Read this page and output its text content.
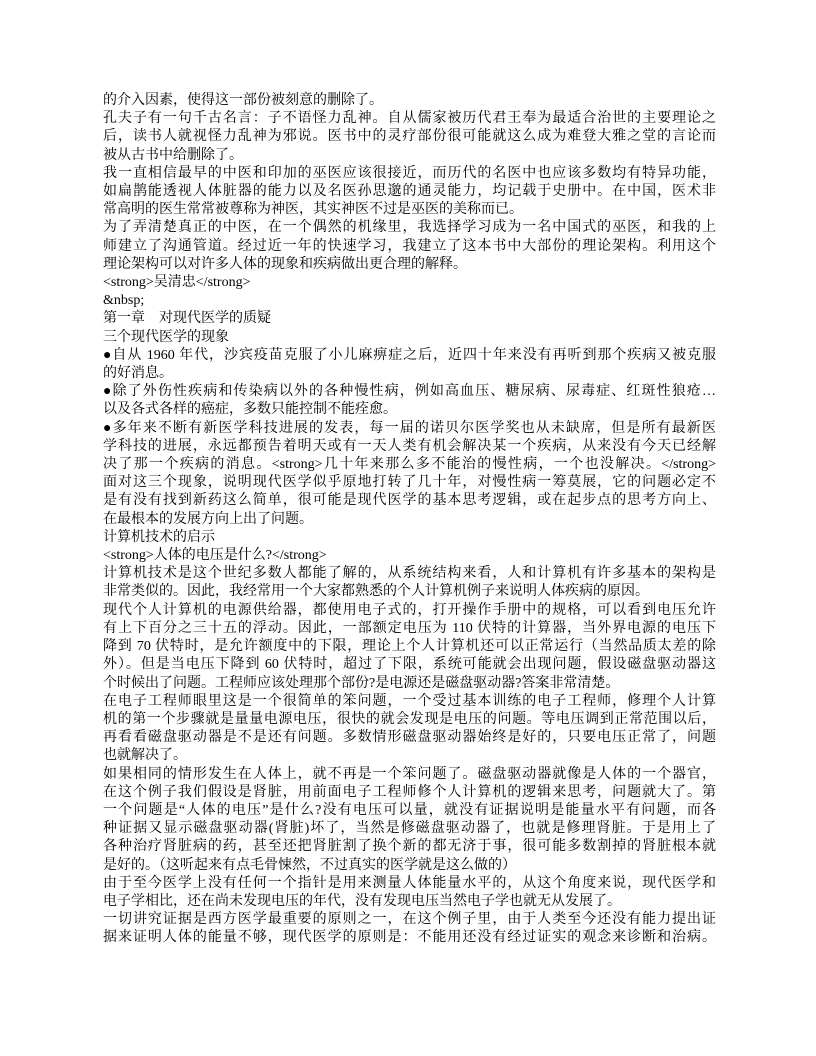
的介入因素，使得这一部份被刻意的删除了。
孔夫子有一句千古名言：子不语怪力乱神。自从儒家被历代君王奉为最适合治世的主要理论之
后，读书人就视怪力乱神为邪说。医书中的灵疗部份很可能就这么成为难登大雅之堂的言论而
被从古书中给删除了。
我一直相信最早的中医和印加的巫医应该很接近，而历代的名医中也应该多数均有特异功能，
如扁鹊能透视人体脏器的能力以及名医孙思邈的通灵能力，均记载于史册中。在中国，医术非
常高明的医生常常被尊称为神医，其实神医不过是巫医的美称而已。
为了弄清楚真正的中医，在一个偶然的机缘里，我选择学习成为一名中国式的巫医，和我的上
师建立了沟通管道。经过近一年的快速学习，我建立了这本书中大部份的理论架构。利用这个
理论架构可以对许多人体的现象和疾病做出更合理的解释。
<strong>吴清忠</strong>
&nbsp;
第一章　对现代医学的质疑
三个现代医学的现象
●自从 1960 年代，沙宾疫苗克服了小儿麻痹症之后，近四十年来没有再听到那个疾病又被克服
的好消息。
●除了外伤性疾病和传染病以外的各种慢性病，例如高血压、糖尿病、尿毒症、红斑性狼疮…
以及各式各样的癌症，多数只能控制不能痊愈。
●多年来不断有新医学科技进展的发表，每一届的诺贝尔医学奖也从未缺席，但是所有最新医
学科技的进展，永远都预告着明天或有一天人类有机会解决某一个疾病，从来没有今天已经解
决了那一个疾病的消息。<strong>几十年来那么多不能治的慢性病，一个也没解决。</strong>
面对这三个现象，说明现代医学似乎原地打转了几十年，对慢性病一筹莫展，它的问题必定不
是有没有找到新药这么简单，很可能是现代医学的基本思考逻辑，或在起步点的思考方向上、
在最根本的发展方向上出了问题。
计算机技术的启示
<strong>人体的电压是什么?</strong>
计算机技术是这个世纪多数人都能了解的，从系统结构来看，人和计算机有许多基本的架构是
非常类似的。因此，我经常用一个大家都熟悉的个人计算机例子来说明人体疾病的原因。
现代个人计算机的电源供给器，都使用电子式的，打开操作手册中的规格，可以看到电压允许
有上下百分之三十五的浮动。因此，一部额定电压为 110 伏特的计算器，当外界电源的电压下
降到 70 伏特时，是允许额度中的下限，理论上个人计算机还可以正常运行（当然品质太差的除
外）。但是当电压下降到 60 伏特时，超过了下限，系统可能就会出现问题，假设磁盘驱动器这
个时候出了问题。工程师应该处理那个部份?是电源还是磁盘驱动器?答案非常清楚。
在电子工程师眼里这是一个很简单的笨问题，一个受过基本训练的电子工程师，修理个人计算
机的第一个步骤就是量量电源电压，很快的就会发现是电压的问题。等电压调到正常范围以后，
再看看磁盘驱动器是不是还有问题。多数情形磁盘驱动器始终是好的，只要电压正常了，问题
也就解决了。
如果相同的情形发生在人体上，就不再是一个笨问题了。磁盘驱动器就像是人体的一个器官，
在这个例子我们假设是肾脏，用前面电子工程师修个人计算机的逻辑来思考，问题就大了。第
一个问题是“人体的电压”是什么?没有电压可以量，就没有证据说明是能量水平有问题，而各
种证据又显示磁盘驱动器(肾脏)坏了，当然是修磁盘驱动器了，也就是修理肾脏。于是用上了
各种治疗肾脏病的药，甚至还把肾脏割了换个新的都无济于事，很可能多数割掉的肾脏根本就
是好的。（这听起来有点毛骨悚然，不过真实的医学就是这么做的）
由于至今医学上没有任何一个指针是用来测量人体能量水平的，从这个角度来说，现代医学和
电子学相比，还在尚未发现电压的年代，没有发现电压当然电子学也就无从发展了。
一切讲究证据是西方医学最重要的原则之一，在这个例子里，由于人类至今还没有能力提出证
据来证明人体的能量不够，现代医学的原则是：不能用还没有经过证实的观念来诊断和治病。
